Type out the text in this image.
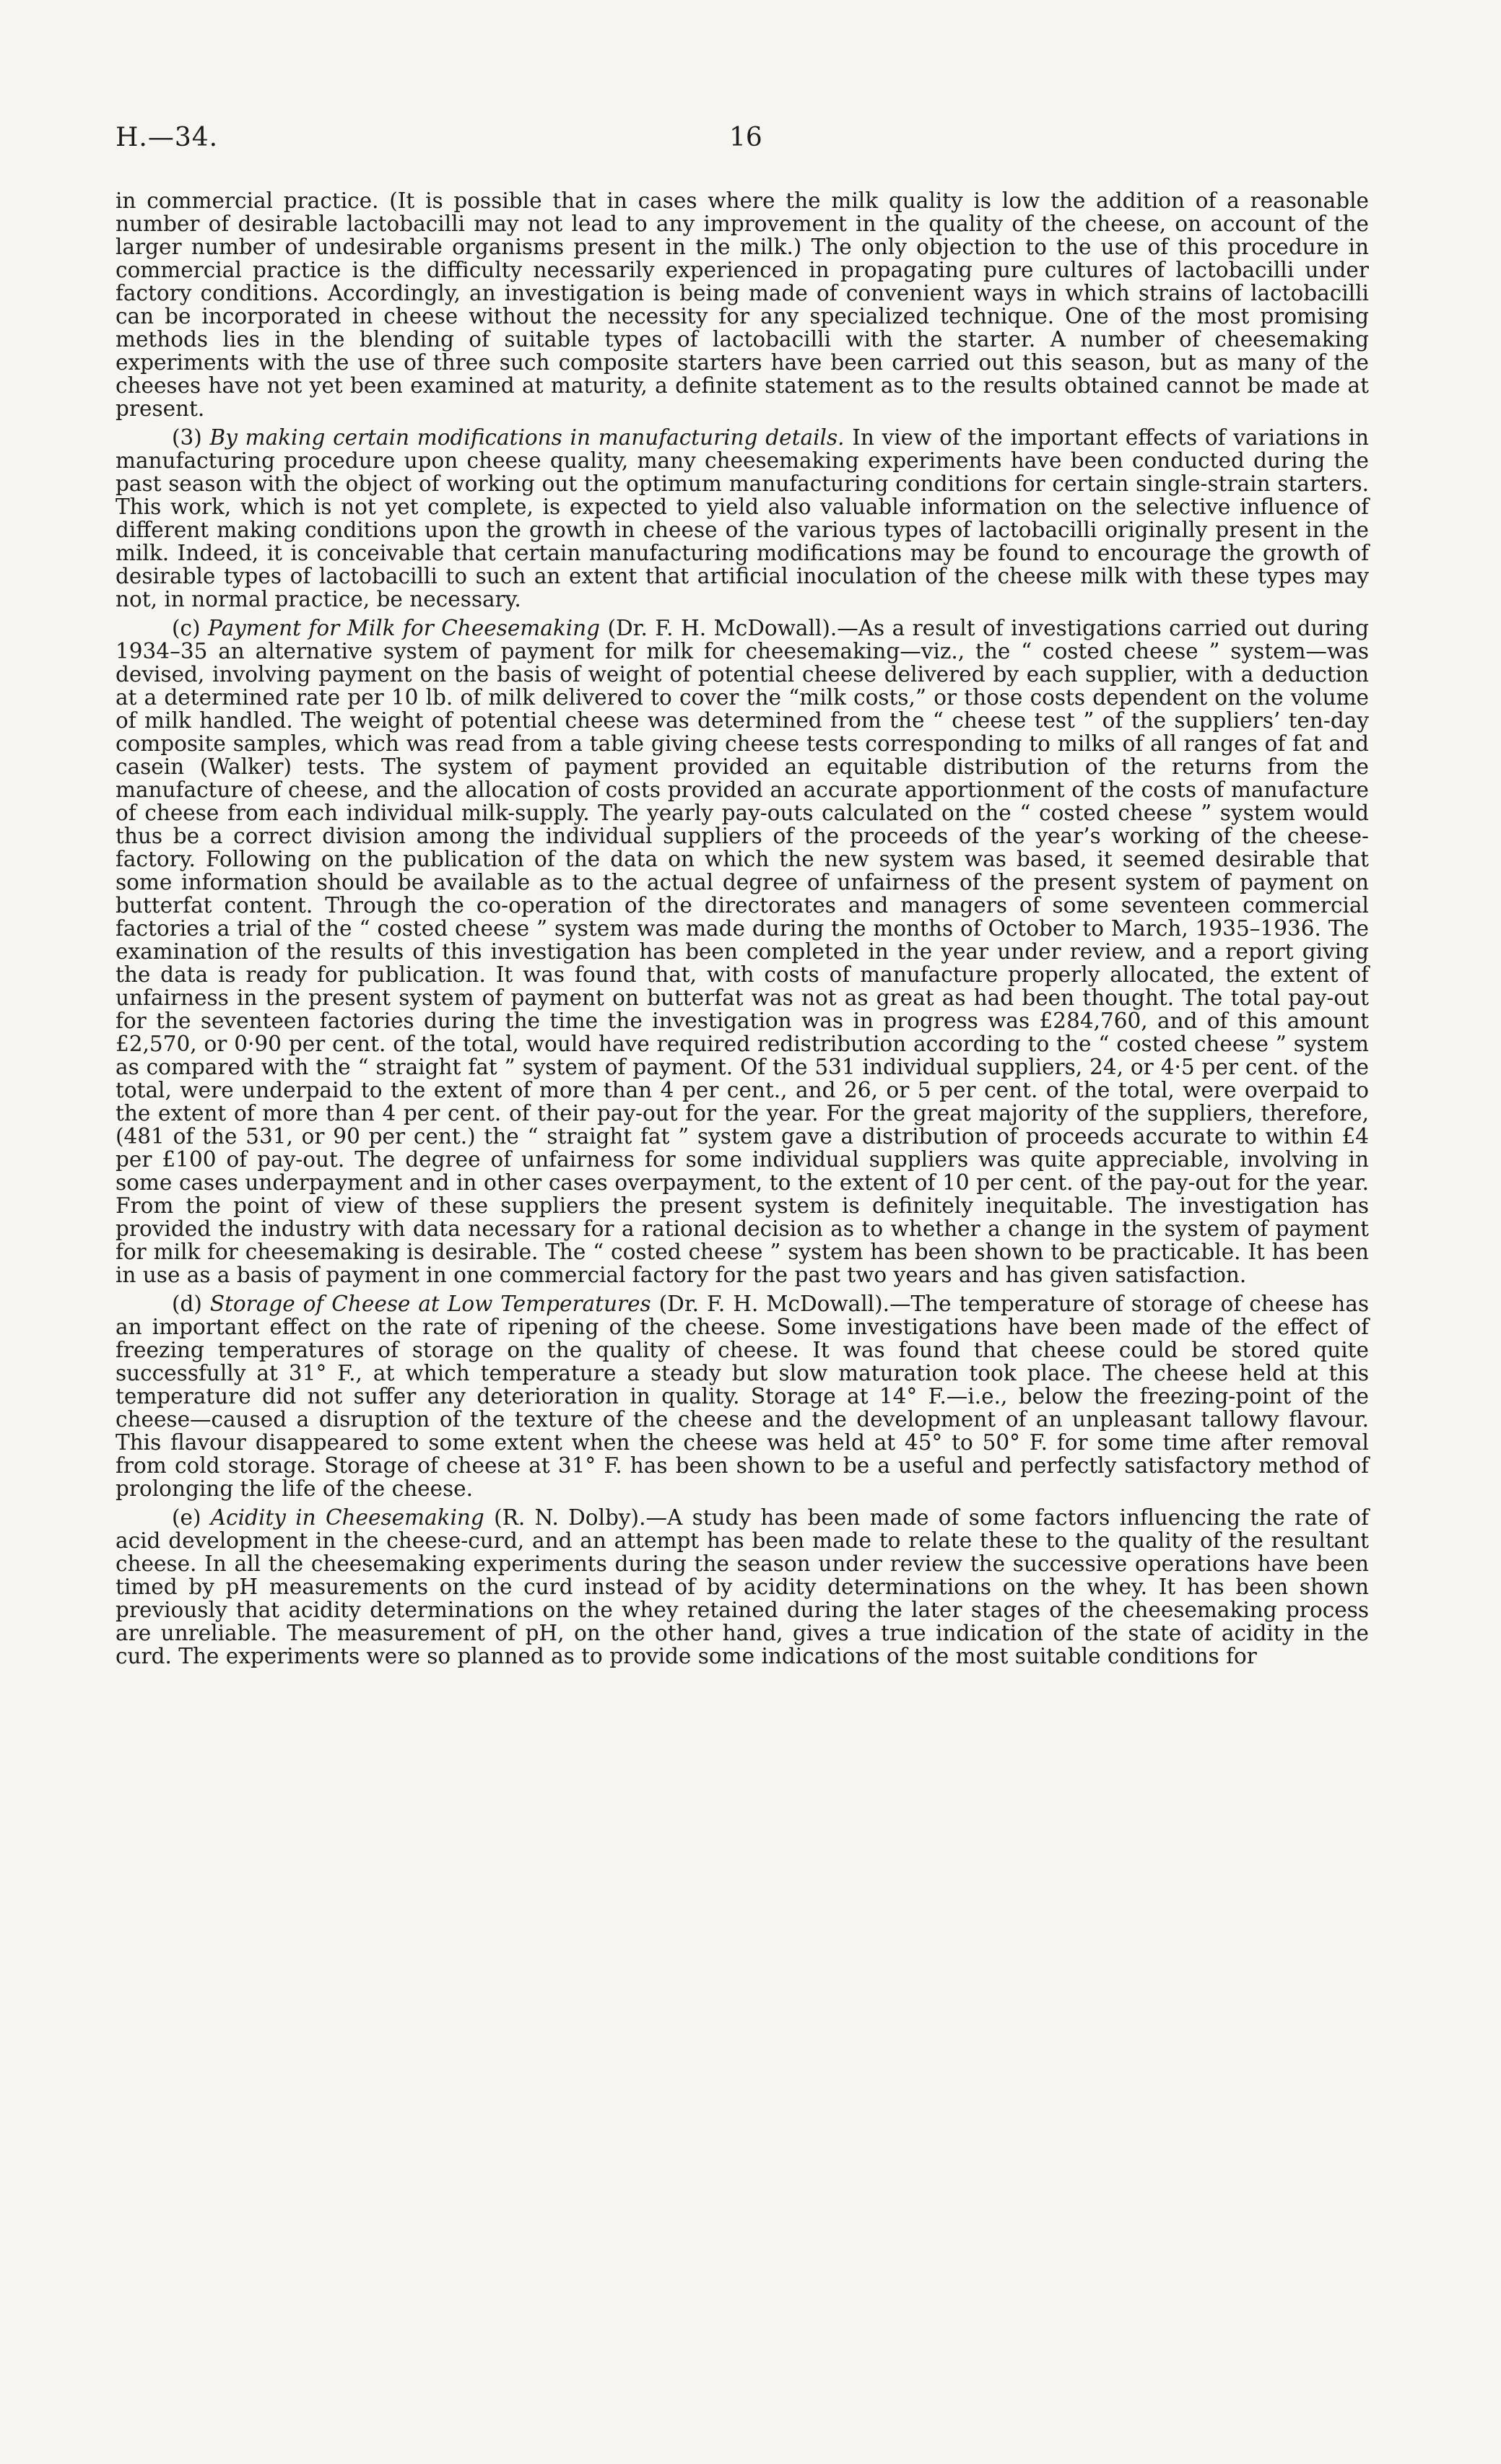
H.—34.	16

in commercial practice. (It is possible that in cases where the milk quality is low the addition of a reasonable number of desirable lactobacilli may not lead to any improvement in the quality of the cheese, on account of the larger number of undesirable organisms present in the milk.) The only objection to the use of this procedure in commercial practice is the difficulty necessarily experienced in propagating pure cultures of lactobacilli under factory conditions. Accordingly, an investigation is being made of convenient ways in which strains of lactobacilli can be incorporated in cheese without the necessity for any specialized technique. One of the most promising methods lies in the blending of suitable types of lactobacilli with the starter. A number of cheesemaking experiments with the use of three such composite starters have been carried out this season, but as many of the cheeses have not yet been examined at maturity, a definite statement as to the results obtained cannot be made at present.

(3) By making certain modifications in manufacturing details. In view of the important effects of variations in manufacturing procedure upon cheese quality, many cheesemaking experiments have been conducted during the past season with the object of working out the optimum manufacturing conditions for certain single-strain starters. This work, which is not yet complete, is expected to yield also valuable information on the selective influence of different making conditions upon the growth in cheese of the various types of lactobacilli originally present in the milk. Indeed, it is conceivable that certain manufacturing modifications may be found to encourage the growth of desirable types of lactobacilli to such an extent that artificial inoculation of the cheese milk with these types may not, in normal practice, be necessary.

(c) Payment for Milk for Cheesemaking (Dr. F. H. McDowall).—As a result of investigations carried out during 1934–35 an alternative system of payment for milk for cheesemaking—viz., the “ costed cheese ” system—was devised, involving payment on the basis of weight of potential cheese delivered by each supplier, with a deduction at a determined rate per 10 lb. of milk delivered to cover the “milk costs,” or those costs dependent on the volume of milk handled. The weight of potential cheese was determined from the “ cheese test ” of the suppliers’ ten-day composite samples, which was read from a table giving cheese tests corresponding to milks of all ranges of fat and casein (Walker) tests. The system of payment provided an equitable distribution of the returns from the manufacture of cheese, and the allocation of costs provided an accurate apportionment of the costs of manufacture of cheese from each individual milk-supply. The yearly pay-outs calculated on the “ costed cheese ” system would thus be a correct division among the individual suppliers of the proceeds of the year’s working of the cheese-factory. Following on the publication of the data on which the new system was based, it seemed desirable that some information should be available as to the actual degree of unfairness of the present system of payment on butterfat content. Through the co-operation of the directorates and managers of some seventeen commercial factories a trial of the “ costed cheese ” system was made during the months of October to March, 1935–1936. The examination of the results of this investigation has been completed in the year under review, and a report giving the data is ready for publication. It was found that, with costs of manufacture properly allocated, the extent of unfairness in the present system of payment on butterfat was not as great as had been thought. The total pay-out for the seventeen factories during the time the investigation was in progress was £284,760, and of this amount £2,570, or 0·90 per cent. of the total, would have required redistribution according to the “ costed cheese ” system as compared with the “ straight fat ” system of payment. Of the 531 individual suppliers, 24, or 4·5 per cent. of the total, were underpaid to the extent of more than 4 per cent., and 26, or 5 per cent. of the total, were overpaid to the extent of more than 4 per cent. of their pay-out for the year. For the great majority of the suppliers, therefore, (481 of the 531, or 90 per cent.) the “ straight fat ” system gave a distribution of proceeds accurate to within £4 per £100 of pay-out. The degree of unfairness for some individual suppliers was quite appreciable, involving in some cases underpayment and in other cases overpayment, to the extent of 10 per cent. of the pay-out for the year. From the point of view of these suppliers the present system is definitely inequitable. The investigation has provided the industry with data necessary for a rational decision as to whether a change in the system of payment for milk for cheesemaking is desirable. The “ costed cheese ” system has been shown to be practicable. It has been in use as a basis of payment in one commercial factory for the past two years and has given satisfaction.

(d) Storage of Cheese at Low Temperatures (Dr. F. H. McDowall).—The temperature of storage of cheese has an important effect on the rate of ripening of the cheese. Some investigations have been made of the effect of freezing temperatures of storage on the quality of cheese. It was found that cheese could be stored quite successfully at 31° F., at which temperature a steady but slow maturation took place. The cheese held at this temperature did not suffer any deterioration in quality. Storage at 14° F.—i.e., below the freezing-point of the cheese—caused a disruption of the texture of the cheese and the development of an unpleasant tallowy flavour. This flavour disappeared to some extent when the cheese was held at 45° to 50° F. for some time after removal from cold storage. Storage of cheese at 31° F. has been shown to be a useful and perfectly satisfactory method of prolonging the life of the cheese.

(e) Acidity in Cheesemaking (R. N. Dolby).—A study has been made of some factors influencing the rate of acid development in the cheese-curd, and an attempt has been made to relate these to the quality of the resultant cheese. In all the cheesemaking experiments during the season under review the successive operations have been timed by pH measurements on the curd instead of by acidity determinations on the whey. It has been shown previously that acidity determinations on the whey retained during the later stages of the cheesemaking process are unreliable. The measurement of pH, on the other hand, gives a true indication of the state of acidity in the curd. The experiments were so planned as to provide some indications of the most suitable conditions for
